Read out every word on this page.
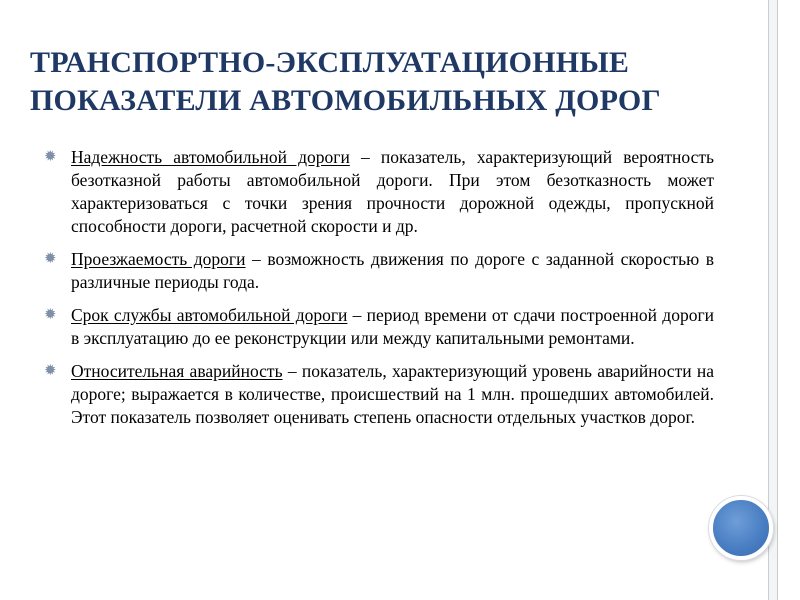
ТРАНСПОРТНО-ЭКСПЛУАТАЦИОННЫЕ
ПОКАЗАТЕЛИ АВТОМОБИЛЬНЫХ ДОРОГ
✹ Надежность автомобильной дороги – показатель, характеризующий вероятность безотказной работы автомобильной дороги. При этом безотказность может характеризоваться с точки зрения прочности дорожной одежды, пропускной способности дороги, расчетной скорости и др.
✹ Проезжаемость дороги – возможность движения по дороге с заданной скоростью в различные периоды года.
✹ Срок службы автомобильной дороги – период времени от сдачи построенной дороги в эксплуатацию до ее реконструкции или между капитальными ремонтами.
✹ Относительная аварийность – показатель, характеризующий уровень аварийности на дороге; выражается в количестве, происшествий на 1 млн. прошедших автомобилей. Этот показатель позволяет оценивать степень опасности отдельных участков дорог.
